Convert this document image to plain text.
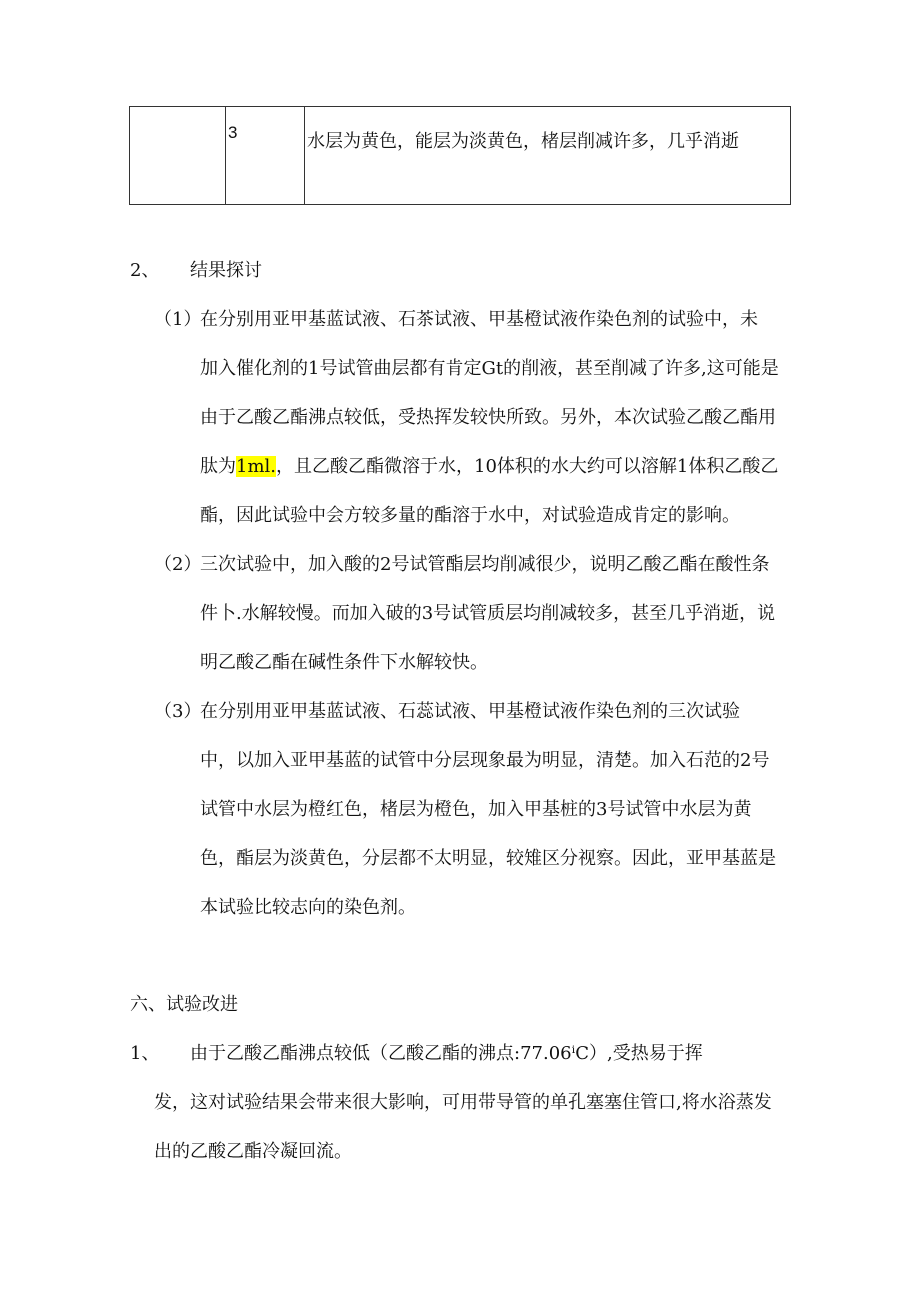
3	水层为黄色，能层为淡黄色，楮层削减许多，几乎消逝
2、 结果探讨
（1）
在分别用亚甲基蓝试液、石茶试液、甲基橙试液作染色剂的试验中，未
加入催化剂的1号试管曲层都有肯定Gt的削液，甚至削减了许多,这可能是
由于乙酸乙酯沸点较低，受热挥发较快所致。另外，本次试验乙酸乙酯用
肽为1ml.，且乙酸乙酯微溶于水，10体积的水大约可以溶解1体积乙酸乙
酯，因此试验中会方较多量的酯溶于水中，对试验造成肯定的影响。
（2）
三次试验中，加入酸的2号试管酯层均削减很少，说明乙酸乙酯在酸性条
件卜.水解较慢。而加入破的3号试管质层均削减较多，甚至几乎消逝，说
明乙酸乙酯在碱性条件下水解较快。
（3）
在分别用亚甲基蓝试液、石蕊试液、甲基橙试液作染色剂的三次试验
中，以加入亚甲基蓝的试管中分层现象最为明显，清楚。加入石范的2号
试管中水层为橙红色，楮层为橙色，加入甲基桩的3号试管中水层为黄
色，酯层为淡黄色，分层都不太明显，较雉区分视察。因此，亚甲基蓝是
本试验比较志向的染色剂。
六、试验改进
1、 由于乙酸乙酯沸点较低（乙酸乙酯的沸点:77.06ⁱC）,受热易于挥
发，这对试验结果会带来很大影响，可用带导管的单孔塞塞住管口,将水浴蒸发
出的乙酸乙酯冷凝回流。
